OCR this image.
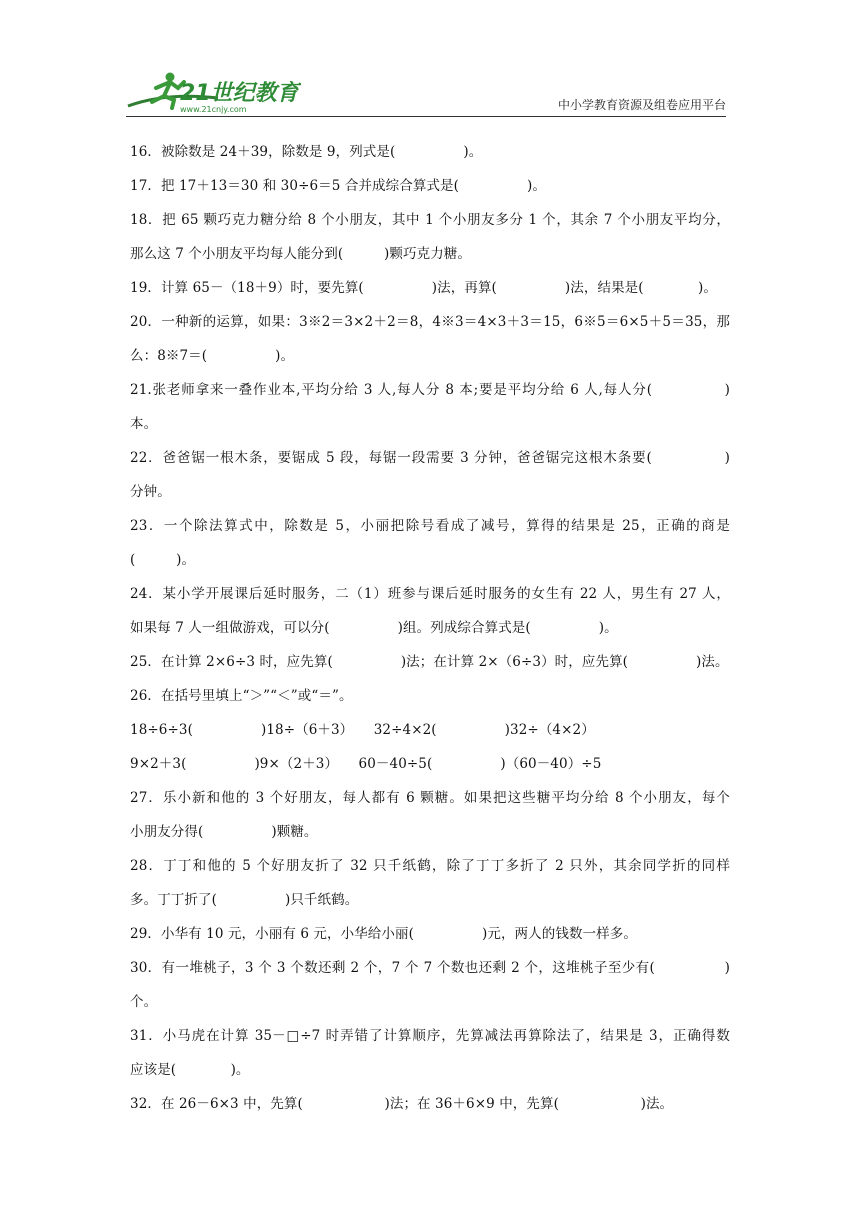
21世纪教育
www.21cnjy.com	中小学教育资源及组卷应用平台
16．被除数是 24＋39，除数是 9，列式是(　　　　　)。
17．把 17＋13＝30 和 30÷6＝5 合并成综合算式是(　　　　　)。
18．把 65 颗巧克力糖分给 8 个小朋友，其中 1 个小朋友多分 1 个，其余 7 个小朋友平均分，
那么这 7 个小朋友平均每人能分到(　　　)颗巧克力糖。
19．计算 65－（18＋9）时，要先算(　　　　　)法，再算(　　　　　)法，结果是(　　　　)。
20．一种新的运算，如果：3※2＝3×2＋2＝8，4※3＝4×3＋3＝15，6※5＝6×5＋5＝35，那
么：8※7＝(　　　　　)。
21.张老师拿来一叠作业本,平均分给 3 人,每人分 8 本;要是平均分给 6 人,每人分(　　　　　)
本。
22．爸爸锯一根木条，要锯成 5 段，每锯一段需要 3 分钟，爸爸锯完这根木条要(　　　　　)
分钟。
23．一个除法算式中，除数是 5，小丽把除号看成了减号，算得的结果是 25，正确的商是
(　　　)。
24．某小学开展课后延时服务，二（1）班参与课后延时服务的女生有 22 人，男生有 27 人，
如果每 7 人一组做游戏，可以分(　　　　　)组。列成综合算式是(　　　　　)。
25．在计算 2×6÷3 时，应先算(　　　　　)法；在计算 2×（6÷3）时，应先算(　　　　　)法。
26．在括号里填上“＞”“＜”或“＝”。
18÷6÷3(　　　　　)18÷（6＋3）　　32÷4×2(　　　　　)32÷（4×2）
9×2＋3(　　　　　)9×（2＋3）　　60－40÷5(　　　　　)（60－40）÷5
27．乐小新和他的 3 个好朋友，每人都有 6 颗糖。如果把这些糖平均分给 8 个小朋友，每个
小朋友分得(　　　　　)颗糖。
28．丁丁和他的 5 个好朋友折了 32 只千纸鹤，除了丁丁多折了 2 只外，其余同学折的同样
多。丁丁折了(　　　　　)只千纸鹤。
29．小华有 10 元，小丽有 6 元，小华给小丽(　　　　　)元，两人的钱数一样多。
30．有一堆桃子，3 个 3 个数还剩 2 个，7 个 7 个数也还剩 2 个，这堆桃子至少有(　　　　　)
个。
31．小马虎在计算 35－□÷7 时弄错了计算顺序，先算减法再算除法了，结果是 3，正确得数
应该是(　　　　)。
32．在 26－6×3 中，先算(　　　　　　)法；在 36＋6×9 中，先算(　　　　　　)法。
